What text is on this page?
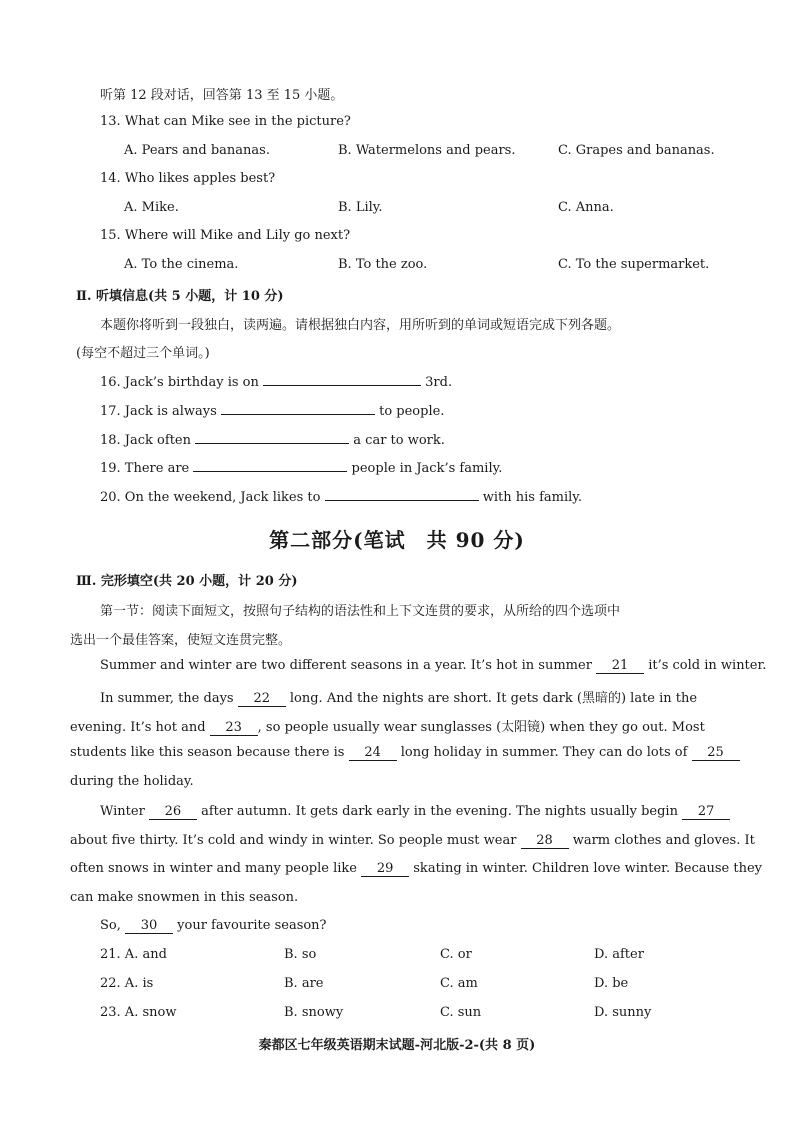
听第 12 段对话，回答第 13 至 15 小题。
13. What can Mike see in the picture?
A. Pears and bananas.	B. Watermelons and pears.	C. Grapes and bananas.
14. Who likes apples best?
A. Mike.	B. Lily.	C. Anna.
15. Where will Mike and Lily go next?
A. To the cinema.	B. To the zoo.	C. To the supermarket.
Ⅱ. 听填信息(共 5 小题，计 10 分)
本题你将听到一段独白，读两遍。请根据独白内容，用所听到的单词或短语完成下列各题。
(每空不超过三个单词。)
16. Jack’s birthday is on	3rd.
17. Jack is always	to people.
18. Jack often	a car to work.
19. There are	people in Jack’s family.
20. On the weekend, Jack likes to	with his family.
第二部分(笔试　共 90 分)
Ⅲ. 完形填空(共 20 小题，计 20 分)
第一节：阅读下面短文，按照句子结构的语法性和上下文连贯的要求，从所给的四个选项中
选出一个最佳答案，使短文连贯完整。
Summer and winter are two different seasons in a year. It’s hot in summer 21 it’s cold in winter.
In summer, the days 22 long. And the nights are short. It gets dark (黑暗的) late in the
evening. It’s hot and 23 , so people usually wear sunglasses (太阳镜) when they go out. Most
students like this season because there is 24 long holiday in summer. They can do lots of 25
during the holiday.
Winter 26 after autumn. It gets dark early in the evening. The nights usually begin 27
about five thirty. It’s cold and windy in winter. So people must wear 28 warm clothes and gloves. It
often snows in winter and many people like 29 skating in winter. Children love winter. Because they
can make snowmen in this season.
So, 30 your favourite season?
21. A. and	B. so	C. or	D. after
22. A. is	B. are	C. am	D. be
23. A. snow	B. snowy	C. sun	D. sunny
秦都区七年级英语期末试题-河北版-2-(共 8 页)
